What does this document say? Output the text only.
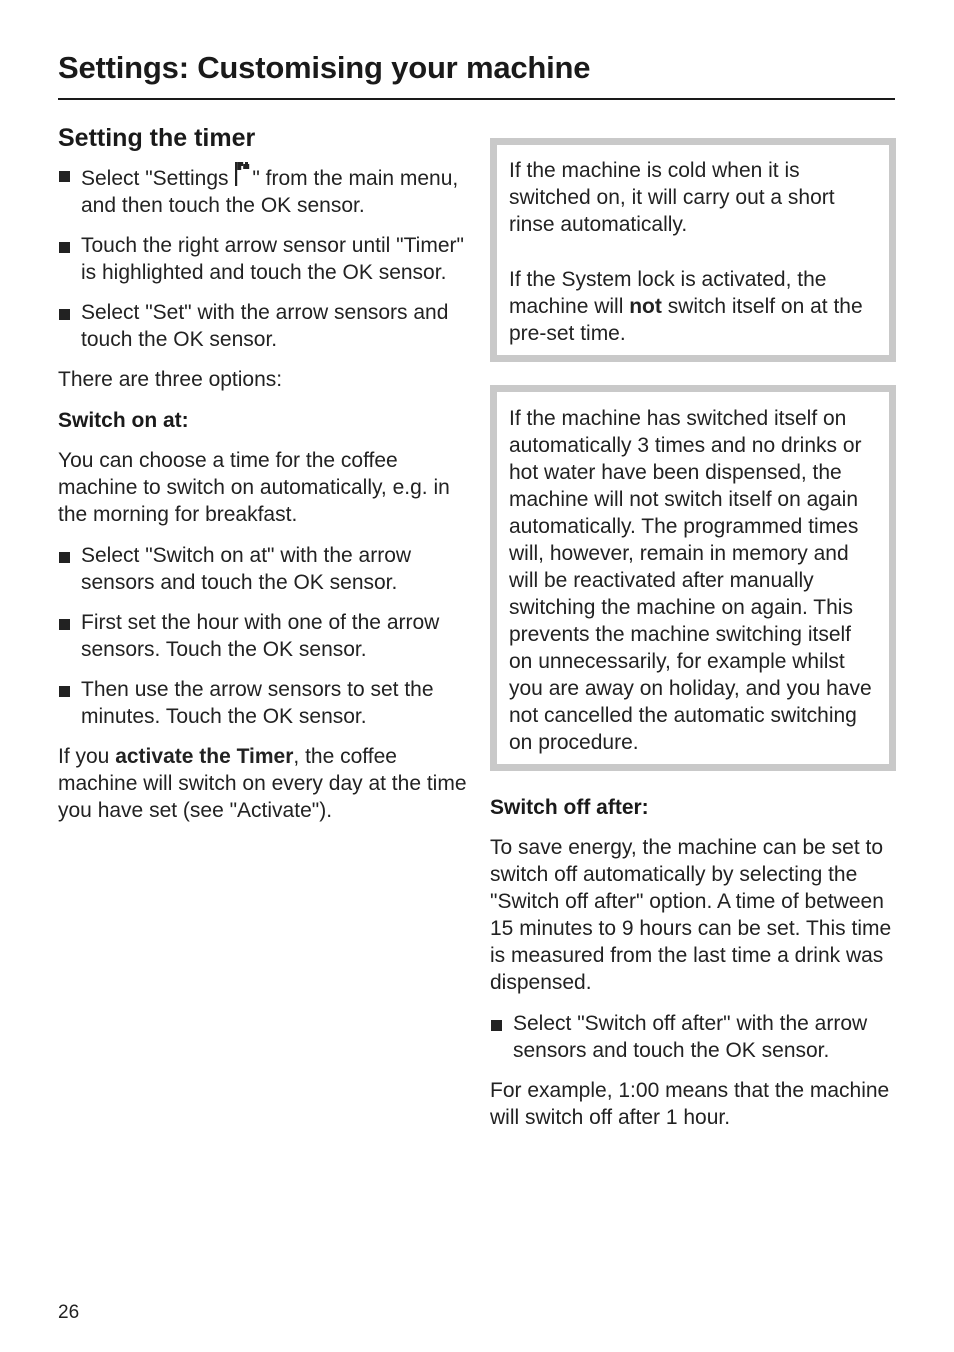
Settings: Customising your machine
Setting the timer
Select "Settings " from the main menu, and then touch the OK sensor.
Touch the right arrow sensor until "Timer" is highlighted and touch the OK sensor.
Select "Set" with the arrow sensors and touch the OK sensor.

There are three options:

Switch on at:

You can choose a time for the coffee machine to switch on automatically, e.g. in the morning for breakfast.

Select "Switch on at" with the arrow sensors and touch the OK sensor.
First set the hour with one of the arrow sensors. Touch the OK sensor.
Then use the arrow sensors to set the minutes. Touch the OK sensor.

If you activate the Timer, the coffee machine will switch on every day at the time you have set (see "Activate").

If the machine is cold when it is switched on, it will carry out a short rinse automatically.

If the System lock is activated, the machine will not switch itself on at the pre-set time.

If the machine has switched itself on automatically 3 times and no drinks or hot water have been dispensed, the machine will not switch itself on again automatically. The programmed times will, however, remain in memory and will be reactivated after manually switching the machine on again. This prevents the machine switching itself on unnecessarily, for example whilst you are away on holiday, and you have not cancelled the automatic switching on procedure.

Switch off after:

To save energy, the machine can be set to switch off automatically by selecting the "Switch off after" option. A time of between 15 minutes to 9 hours can be set. This time is measured from the last time a drink was dispensed.

Select "Switch off after" with the arrow sensors and touch the OK sensor.

For example, 1:00 means that the machine will switch off after 1 hour.

26
